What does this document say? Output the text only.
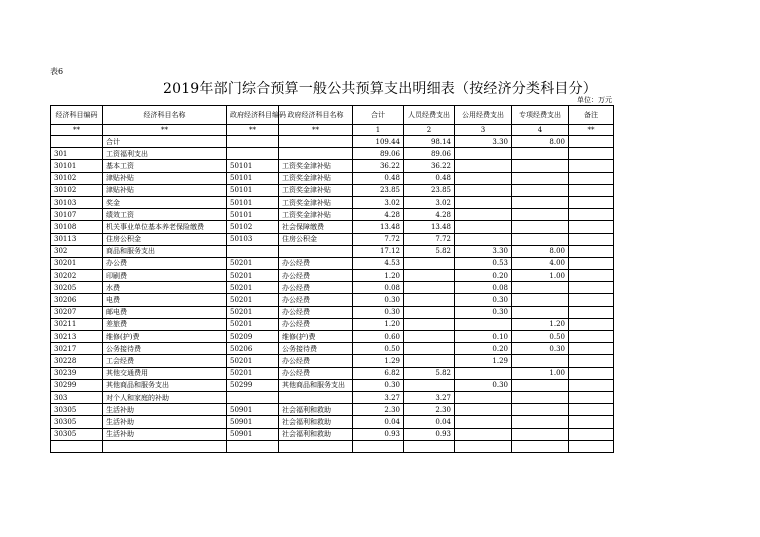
表6
2019年部门综合预算一般公共预算支出明细表（按经济分类科目分）
单位：万元
经济科目编码	经济科目名称	政府经济科目编码	政府经济科目名称	合计	人员经费支出	公用经费支出	专项经费支出	备注
**	**	**	**	1	2	3	4	**
	合计			109.44	98.14	3.30	8.00	
301	工资福利支出			89.06	89.06			
30101	基本工资	50101	工资奖金津补贴	36.22	36.22			
30102	津贴补贴	50101	工资奖金津补贴	0.48	0.48			
30102	津贴补贴	50101	工资奖金津补贴	23.85	23.85			
30103	奖金	50101	工资奖金津补贴	3.02	3.02			
30107	绩效工资	50101	工资奖金津补贴	4.28	4.28			
30108	机关事业单位基本养老保险缴费	50102	社会保障缴费	13.48	13.48			
30113	住房公积金	50103	住房公积金	7.72	7.72			
302	商品和服务支出			17.12	5.82	3.30	8.00	
30201	办公费	50201	办公经费	4.53		0.53	4.00	
30202	印刷费	50201	办公经费	1.20		0.20	1.00	
30205	水费	50201	办公经费	0.08		0.08		
30206	电费	50201	办公经费	0.30		0.30		
30207	邮电费	50201	办公经费	0.30		0.30		
30211	差旅费	50201	办公经费	1.20			1.20	
30213	维修(护)费	50209	维修(护)费	0.60		0.10	0.50	
30217	公务接待费	50206	公务接待费	0.50		0.20	0.30	
30228	工会经费	50201	办公经费	1.29		1.29		
30239	其他交通费用	50201	办公经费	6.82	5.82		1.00	
30299	其他商品和服务支出	50299	其他商品和服务支出	0.30		0.30		
303	对个人和家庭的补助			3.27	3.27			
30305	生活补助	50901	社会福利和救助	2.30	2.30			
30305	生活补助	50901	社会福利和救助	0.04	0.04			
30305	生活补助	50901	社会福利和救助	0.93	0.93			
